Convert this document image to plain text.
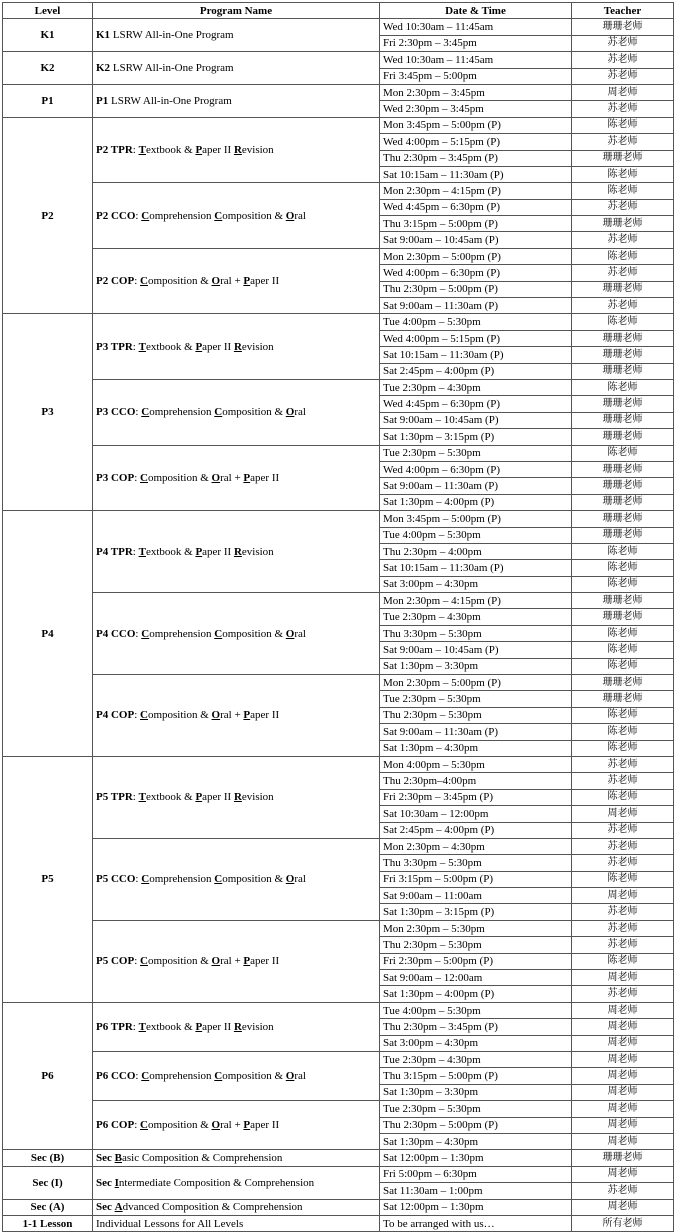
Level	Program Name	Date & Time	Teacher
K1	K1 LSRW All-in-One Program	Wed 10:30am – 11:45am	珊珊老师
		Fri 2:30pm – 3:45pm	苏老师
K2	K2 LSRW All-in-One Program	Wed 10:30am – 11:45am	苏老师
		Fri 3:45pm – 5:00pm	苏老师
P1	P1 LSRW All-in-One Program	Mon 2:30pm – 3:45pm	周老师
		Wed 2:30pm – 3:45pm	苏老师
P2	P2 TPR: Textbook & Paper II Revision	Mon 3:45pm – 5:00pm (P)	陈老师
		Wed 4:00pm – 5:15pm (P)	苏老师
		Thu 2:30pm – 3:45pm (P)	珊珊老师
		Sat 10:15am – 11:30am (P)	陈老师
	P2 CCO: Comprehension Composition & Oral	Mon 2:30pm – 4:15pm (P)	陈老师
		Wed 4:45pm – 6:30pm (P)	苏老师
		Thu 3:15pm – 5:00pm (P)	珊珊老师
		Sat 9:00am – 10:45am (P)	苏老师
	P2 COP: Composition & Oral + Paper II	Mon 2:30pm – 5:00pm (P)	陈老师
		Wed 4:00pm – 6:30pm (P)	苏老师
		Thu 2:30pm – 5:00pm (P)	珊珊老师
		Sat 9:00am – 11:30am (P)	苏老师
P3	P3 TPR: Textbook & Paper II Revision	Tue 4:00pm – 5:30pm	陈老师
		Wed 4:00pm – 5:15pm (P)	珊珊老师
		Sat 10:15am – 11:30am (P)	珊珊老师
		Sat 2:45pm – 4:00pm (P)	珊珊老师
	P3 CCO: Comprehension Composition & Oral	Tue 2:30pm – 4:30pm	陈老师
		Wed 4:45pm – 6:30pm (P)	珊珊老师
		Sat 9:00am – 10:45am (P)	珊珊老师
		Sat 1:30pm – 3:15pm (P)	珊珊老师
	P3 COP: Composition & Oral + Paper II	Tue 2:30pm – 5:30pm	陈老师
		Wed 4:00pm – 6:30pm (P)	珊珊老师
		Sat 9:00am – 11:30am (P)	珊珊老师
		Sat 1:30pm – 4:00pm (P)	珊珊老师
P4	P4 TPR: Textbook & Paper II Revision	Mon 3:45pm – 5:00pm (P)	珊珊老师
		Tue 4:00pm – 5:30pm	珊珊老师
		Thu 2:30pm – 4:00pm	陈老师
		Sat 10:15am – 11:30am (P)	陈老师
		Sat 3:00pm – 4:30pm	陈老师
	P4 CCO: Comprehension Composition & Oral	Mon 2:30pm – 4:15pm (P)	珊珊老师
		Tue 2:30pm – 4:30pm	珊珊老师
		Thu 3:30pm – 5:30pm	陈老师
		Sat 9:00am – 10:45am (P)	陈老师
		Sat 1:30pm – 3:30pm	陈老师
	P4 COP: Composition & Oral + Paper II	Mon 2:30pm – 5:00pm (P)	珊珊老师
		Tue 2:30pm – 5:30pm	珊珊老师
		Thu 2:30pm – 5:30pm	陈老师
		Sat 9:00am – 11:30am (P)	陈老师
		Sat 1:30pm – 4:30pm	陈老师
P5	P5 TPR: Textbook & Paper II Revision	Mon 4:00pm – 5:30pm	苏老师
		Thu 2:30pm–4:00pm	苏老师
		Fri 2:30pm – 3:45pm (P)	陈老师
		Sat 10:30am – 12:00pm	周老师
		Sat 2:45pm – 4:00pm (P)	苏老师
	P5 CCO: Comprehension Composition & Oral	Mon 2:30pm – 4:30pm	苏老师
		Thu 3:30pm – 5:30pm	苏老师
		Fri 3:15pm – 5:00pm (P)	陈老师
		Sat 9:00am – 11:00am	周老师
		Sat 1:30pm – 3:15pm (P)	苏老师
	P5 COP: Composition & Oral + Paper II	Mon 2:30pm – 5:30pm	苏老师
		Thu 2:30pm – 5:30pm	苏老师
		Fri 2:30pm – 5:00pm (P)	陈老师
		Sat 9:00am – 12:00am	周老师
		Sat 1:30pm – 4:00pm (P)	苏老师
P6	P6 TPR: Textbook & Paper II Revision	Tue 4:00pm – 5:30pm	周老师
		Thu 2:30pm – 3:45pm (P)	周老师
		Sat 3:00pm – 4:30pm	周老师
	P6 CCO: Comprehension Composition & Oral	Tue 2:30pm – 4:30pm	周老师
		Thu 3:15pm – 5:00pm (P)	周老师
		Sat 1:30pm – 3:30pm	周老师
	P6 COP: Composition & Oral + Paper II	Tue 2:30pm – 5:30pm	周老师
		Thu 2:30pm – 5:00pm (P)	周老师
		Sat 1:30pm – 4:30pm	周老师
Sec (B)	Sec Basic Composition & Comprehension	Sat 12:00pm – 1:30pm	珊珊老师
Sec (I)	Sec Intermediate Composition & Comprehension	Fri 5:00pm – 6:30pm	周老师
		Sat 11:30am – 1:00pm	苏老师
Sec (A)	Sec Advanced Composition & Comprehension	Sat 12:00pm – 1:30pm	周老师
1-1 Lesson	Individual Lessons for All Levels	To be arranged with us…	所有老师
